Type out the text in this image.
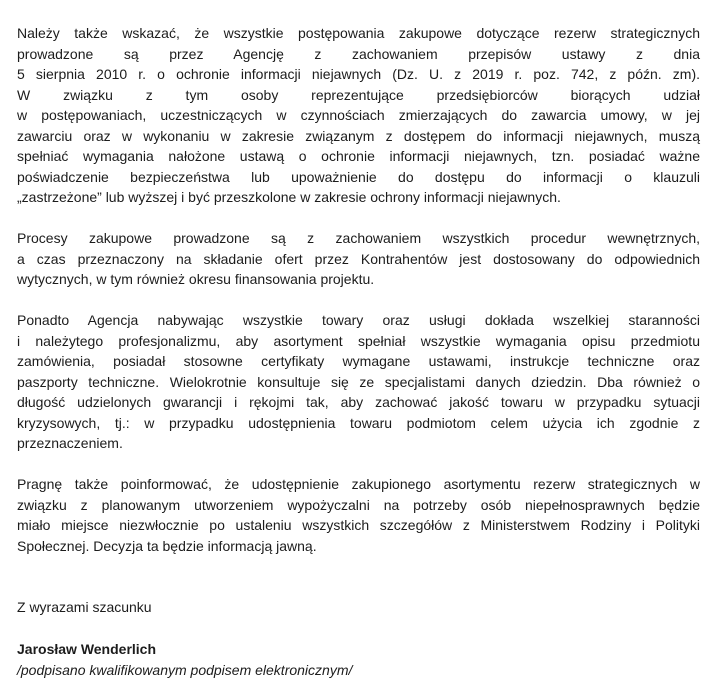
Należy także wskazać, że wszystkie postępowania zakupowe dotyczące rezerw strategicznych
prowadzone są przez Agencję z zachowaniem przepisów ustawy z dnia
5 sierpnia 2010 r. o ochronie informacji niejawnych (Dz. U. z 2019 r. poz. 742, z późn. zm).
W związku z tym osoby reprezentujące przedsiębiorców biorących udział
w postępowaniach, uczestniczących w czynnościach zmierzających do zawarcia umowy, w jej
zawarciu oraz w wykonaniu w zakresie związanym z dostępem do informacji niejawnych, muszą
spełniać wymagania nałożone ustawą o ochronie informacji niejawnych, tzn. posiadać ważne
poświadczenie bezpieczeństwa lub upoważnienie do dostępu do informacji o klauzuli
„zastrzeżone” lub wyższej i być przeszkolone w zakresie ochrony informacji niejawnych.
Procesy zakupowe prowadzone są z zachowaniem wszystkich procedur wewnętrznych,
a czas przeznaczony na składanie ofert przez Kontrahentów jest dostosowany do odpowiednich
wytycznych, w tym również okresu finansowania projektu.
Ponadto Agencja nabywając wszystkie towary oraz usługi dokłada wszelkiej staranności
i należytego profesjonalizmu, aby asortyment spełniał wszystkie wymagania opisu przedmiotu
zamówienia, posiadał stosowne certyfikaty wymagane ustawami, instrukcje techniczne oraz
paszporty techniczne. Wielokrotnie konsultuje się ze specjalistami danych dziedzin. Dba również o
długość udzielonych gwarancji i rękojmi tak, aby zachować jakość towaru w przypadku sytuacji
kryzysowych, tj.: w przypadku udostępnienia towaru podmiotom celem użycia ich zgodnie z
przeznaczeniem.
Pragnę także poinformować, że udostępnienie zakupionego asortymentu rezerw strategicznych w
związku z planowanym utworzeniem wypożyczalni na potrzeby osób niepełnosprawnych będzie
miało miejsce niezwłocznie po ustaleniu wszystkich szczegółów z Ministerstwem Rodziny i Polityki
Społecznej. Decyzja ta będzie informacją jawną.
Z wyrazami szacunku
Jarosław Wenderlich
/podpisano kwalifikowanym podpisem elektronicznym/
